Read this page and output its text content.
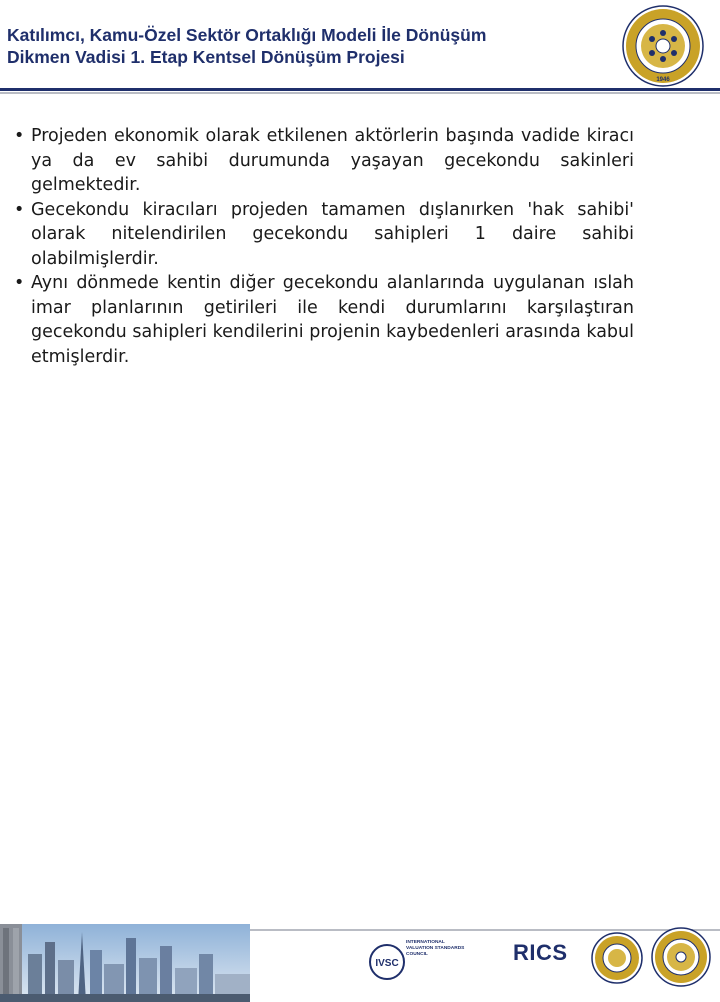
Katılımcı, Kamu-Özel Sektör Ortaklığı Modeli İle Dönüşüm
Dikmen Vadisi 1. Etap Kentsel Dönüşüm Projesi
1946

• Projeden ekonomik olarak etkilenen aktörlerin başında vadide kiracı ya da ev sahibi durumunda yaşayan gecekondu sakinleri gelmektedir.

• Gecekondu kiracıları projeden tamamen dışlanırken 'hak sahibi' olarak nitelendirilen gecekondu sahipleri 1 daire sahibi olabilmişlerdir.

• Aynı dönmede kentin diğer gecekondu alanlarında uygulanan ıslah imar planlarının getirileri ile kendi durumlarını karşılaştıran gecekondu sahipleri kendilerini projenin kaybedenleri arasında kabul etmişlerdir.

IVSC
INTERNATIONAL VALUATION STANDARDS COUNCIL	RICS
